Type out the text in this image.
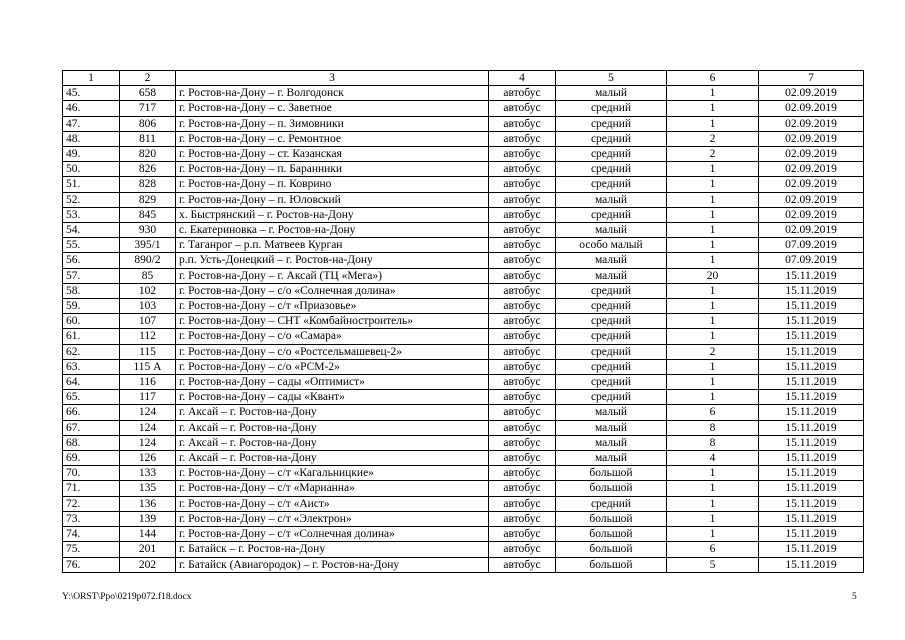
1	2	3	4	5	6	7
45.	658	г. Ростов-на-Дону – г. Волгодонск	автобус	малый	1	02.09.2019
46.	717	г. Ростов-на-Дону – с. Заветное	автобус	средний	1	02.09.2019
47.	806	г. Ростов-на-Дону – п. Зимовники	автобус	средний	1	02.09.2019
48.	811	г. Ростов-на-Дону – с. Ремонтное	автобус	средний	2	02.09.2019
49.	820	г. Ростов-на-Дону – ст. Казанская	автобус	средний	2	02.09.2019
50.	826	г. Ростов-на-Дону – п. Баранники	автобус	средний	1	02.09.2019
51.	828	г. Ростов-на-Дону – п. Коврино	автобус	средний	1	02.09.2019
52.	829	г. Ростов-на-Дону – п. Юловский	автобус	малый	1	02.09.2019
53.	845	х. Быстрянский – г. Ростов-на-Дону	автобус	средний	1	02.09.2019
54.	930	с. Екатериновка – г. Ростов-на-Дону	автобус	малый	1	02.09.2019
55.	395/1	г. Таганрог – р.п. Матвеев Курган	автобус	особо малый	1	07.09.2019
56.	890/2	р.п. Усть-Донецкий – г. Ростов-на-Дону	автобус	малый	1	07.09.2019
57.	85	г. Ростов-на-Дону – г. Аксай (ТЦ «Мега»)	автобус	малый	20	15.11.2019
58.	102	г. Ростов-на-Дону – с/о «Солнечная долина»	автобус	средний	1	15.11.2019
59.	103	г. Ростов-на-Дону – с/т «Приазовье»	автобус	средний	1	15.11.2019
60.	107	г. Ростов-на-Дону – СНТ «Комбайностроитель»	автобус	средний	1	15.11.2019
61.	112	г. Ростов-на-Дону – с/о «Самара»	автобус	средний	1	15.11.2019
62.	115	г. Ростов-на-Дону – с/о «Ростсельмашевец-2»	автобус	средний	2	15.11.2019
63.	115 А	г. Ростов-на-Дону – с/о «РСМ-2»	автобус	средний	1	15.11.2019
64.	116	г. Ростов-на-Дону – сады «Оптимист»	автобус	средний	1	15.11.2019
65.	117	г. Ростов-на-Дону – сады «Квант»	автобус	средний	1	15.11.2019
66.	124	г. Аксай – г. Ростов-на-Дону	автобус	малый	6	15.11.2019
67.	124	г. Аксай – г. Ростов-на-Дону	автобус	малый	8	15.11.2019
68.	124	г. Аксай – г. Ростов-на-Дону	автобус	малый	8	15.11.2019
69.	126	г. Аксай – г. Ростов-на-Дону	автобус	малый	4	15.11.2019
70.	133	г. Ростов-на-Дону – с/т «Кагальницкие»	автобус	большой	1	15.11.2019
71.	135	г. Ростов-на-Дону – с/т «Марианна»	автобус	большой	1	15.11.2019
72.	136	г. Ростов-на-Дону – с/т «Аист»	автобус	средний	1	15.11.2019
73.	139	г. Ростов-на-Дону – с/т «Электрон»	автобус	большой	1	15.11.2019
74.	144	г. Ростов-на-Дону – с/т «Солнечная долина»	автобус	большой	1	15.11.2019
75.	201	г. Батайск – г. Ростов-на-Дону	автобус	большой	6	15.11.2019
76.	202	г. Батайск (Авиагородок) – г. Ростов-на-Дону	автобус	большой	5	15.11.2019
Y:\ORST\Ppo\0219p072.f18.docx	5
